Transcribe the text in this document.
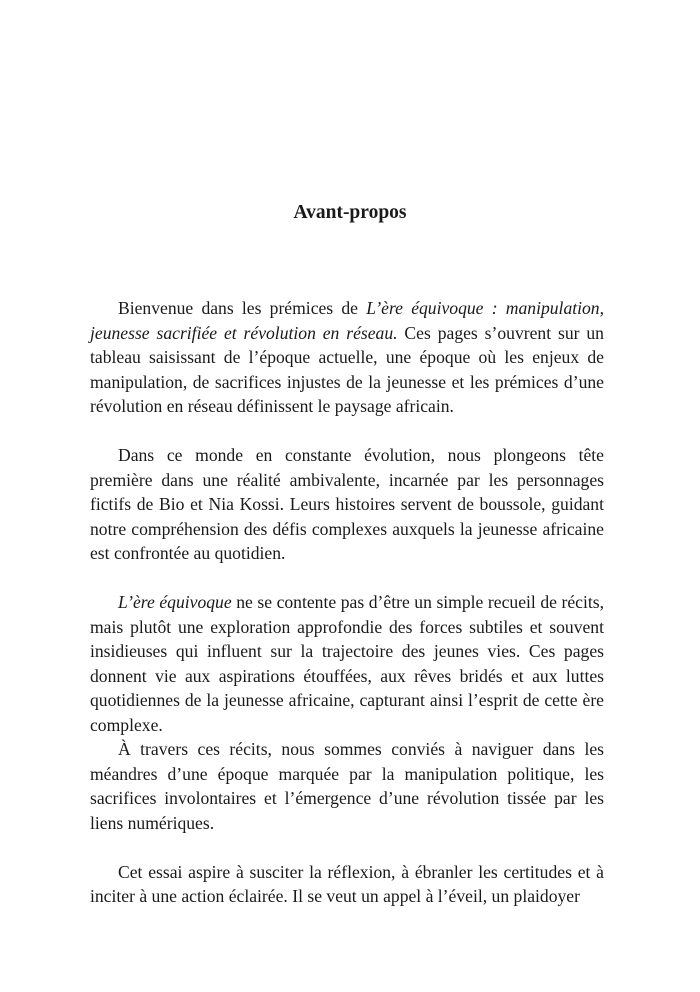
Avant-propos

Bienvenue dans les prémices de L’ère équivoque : manipulation, jeunesse sacrifiée et révolution en réseau. Ces pages s’ouvrent sur un tableau saisissant de l’époque actuelle, une époque où les enjeux de manipulation, de sacrifices injustes de la jeunesse et les prémices d’une révolution en réseau définissent le paysage africain.

Dans ce monde en constante évolution, nous plongeons tête première dans une réalité ambivalente, incarnée par les personnages fictifs de Bio et Nia Kossi. Leurs histoires servent de boussole, guidant notre compréhension des défis complexes auxquels la jeunesse africaine est confrontée au quotidien.

L’ère équivoque ne se contente pas d’être un simple recueil de récits, mais plutôt une exploration approfondie des forces subtiles et souvent insidieuses qui influent sur la trajectoire des jeunes vies. Ces pages donnent vie aux aspirations étouffées, aux rêves bridés et aux luttes quotidiennes de la jeunesse africaine, capturant ainsi l’esprit de cette ère complexe.

À travers ces récits, nous sommes conviés à naviguer dans les méandres d’une époque marquée par la manipulation politique, les sacrifices involontaires et l’émergence d’une révolution tissée par les liens numériques.

Cet essai aspire à susciter la réflexion, à ébranler les certitudes et à inciter à une action éclairée. Il se veut un appel à l’éveil, un plaidoyer
